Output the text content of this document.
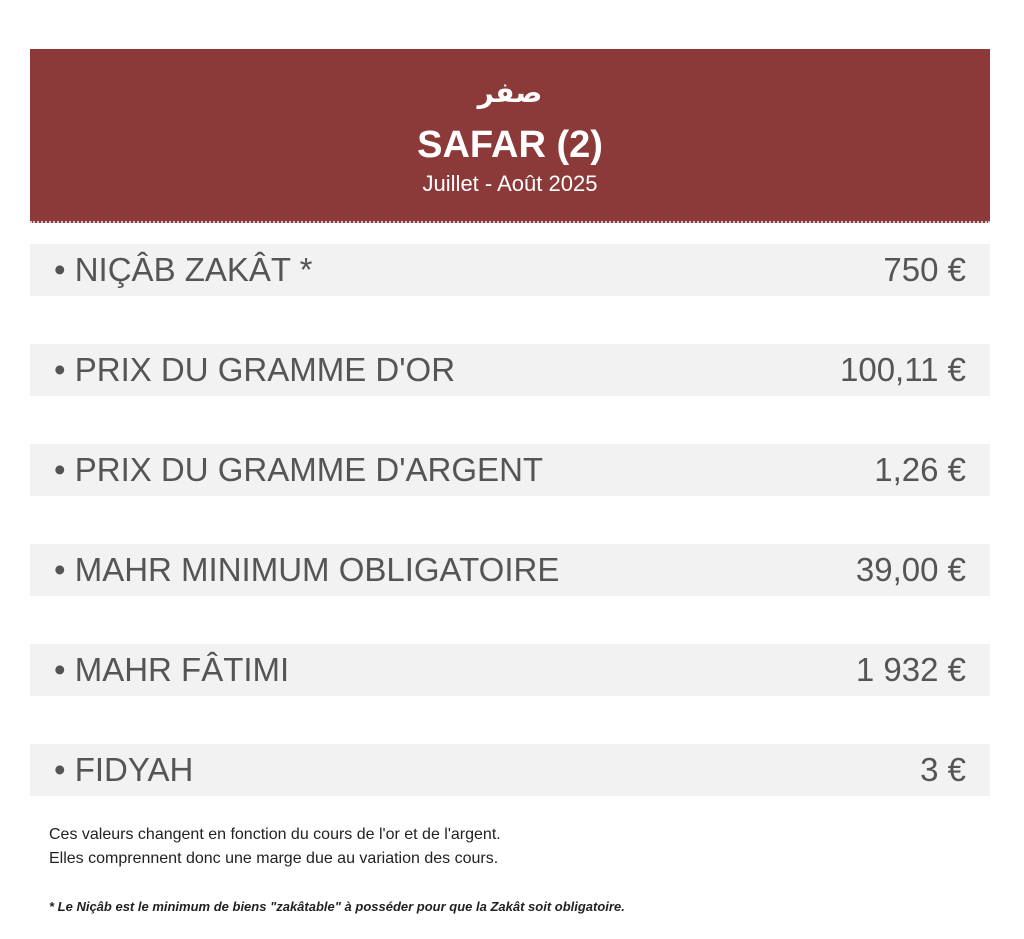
صفر
SAFAR (2)
Juillet - Août 2025
• NIÇÂB ZAKÂT *	750 €
• PRIX DU GRAMME D'OR	100,11 €
• PRIX DU GRAMME D'ARGENT	1,26 €
• MAHR MINIMUM OBLIGATOIRE	39,00 €
• MAHR FÂTIMI	1 932 €
• FIDYAH	3 €
Ces valeurs changent en fonction du cours de l'or et de l'argent.
Elles comprennent donc une marge due au variation des cours.
* Le Niçâb est le minimum de biens "zakâtable" à posséder pour que la Zakât soit obligatoire.
